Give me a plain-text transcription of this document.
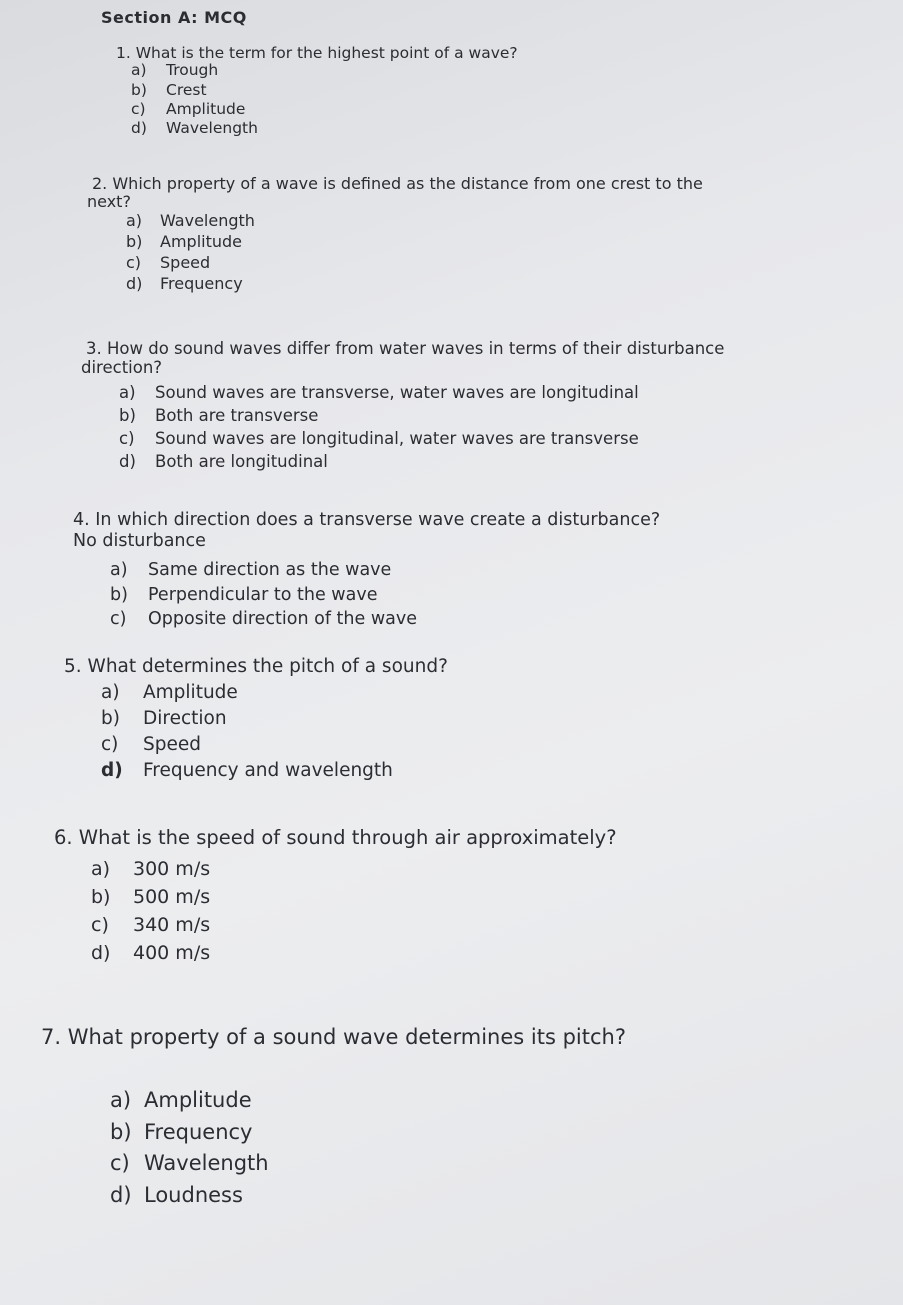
Section A: MCQ
1. What is the term for the highest point of a wave?
a) Trough
b) Crest
c) Amplitude
d) Wavelength
2. Which property of a wave is defined as the distance from one crest to the
next?
a) Wavelength
b) Amplitude
c) Speed
d) Frequency
3. How do sound waves differ from water waves in terms of their disturbance
direction?
a) Sound waves are transverse, water waves are longitudinal
b) Both are transverse
c) Sound waves are longitudinal, water waves are transverse
d) Both are longitudinal
4. In which direction does a transverse wave create a disturbance?
No disturbance
a) Same direction as the wave
b) Perpendicular to the wave
c) Opposite direction of the wave
5. What determines the pitch of a sound?
a) Amplitude
b) Direction
c) Speed
d) Frequency and wavelength
6. What is the speed of sound through air approximately?
a) 300 m/s
b) 500 m/s
c) 340 m/s
d) 400 m/s
7. What property of a sound wave determines its pitch?
a) Amplitude
b) Frequency
c) Wavelength
d) Loudness
